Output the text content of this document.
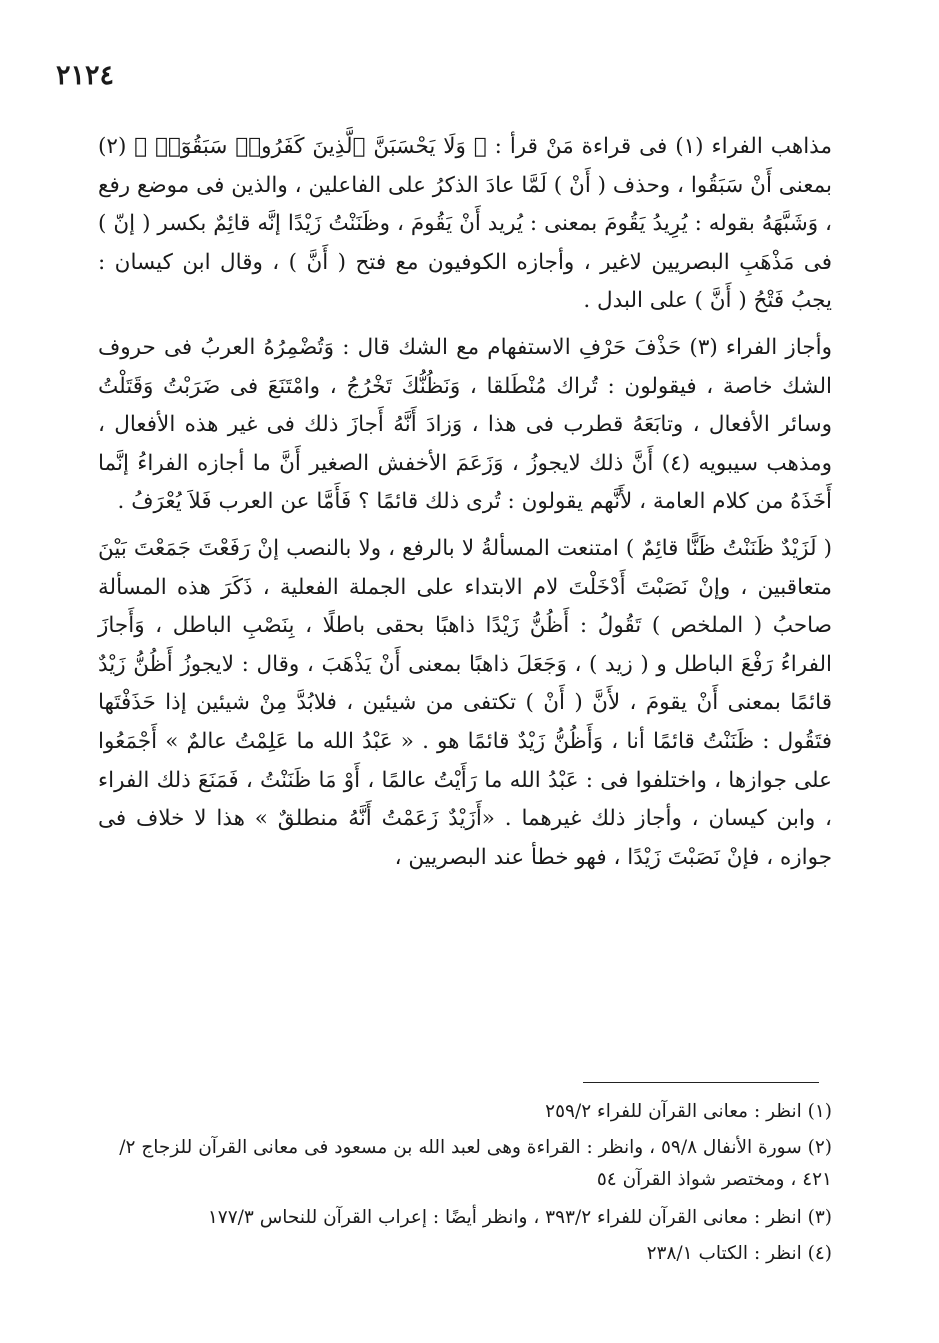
٢١٢٤

مذاهب الفراء (١) فى قراءة مَنْ قرأ : ﴿ وَلَا يَحْسَبَنَّ ٱلَّذِينَ كَفَرُوا۟ سَبَقُوٓا۟ ﴾ (٢) بمعنى أَنْ سَبَقُوا ، وحذف ( أَنْ ) لَمَّا عادَ الذكرُ على الفاعلين ، والذين فى موضع رفع ، وَشَبَّهَهُ بقوله : يُرِيدُ يَقُومَ بمعنى : يُريد أَنْ يَقُومَ ، وظَنَنْتُ زَيْدًا إنَّه قائِمٌ بكسر ( إنّ ) فى مَذْهَبِ البصريين لاغير ، وأجازه الكوفيون مع فتح ( أَنَّ ) ، وقال ابن كيسان : يجبُ فَتْحُ ( أَنَّ ) على البدل .

وأجاز الفراء (٣) حَذْفَ حَرْفِ الاستفهام مع الشك قال : وَتُضْمِرُهُ العربُ فى حروف الشك خاصة ، فيقولون : تُراك مُنْطَلقا ، وَنَظُنُّكَ تَخْرُجُ ، وامْتَنَعَ فى ضَرَبْتُ وَقَتَلْتُ وسائر الأفعال ، وتابَعَهُ قطرب فى هذا ، وَزادَ أَنَّهُ أَجازَ ذلك فى غير هذه الأفعال ، ومذهب سيبويه (٤) أَنَّ ذلك لايجوزُ ، وَزَعَمَ الأخفش الصغير أَنَّ ما أجازه الفراءُ إنَّما أَخَذَهُ من كلام العامة ، لأَنَّهم يقولون : تُرى ذلك قائمًا ؟ فَأَمَّا عن العرب فَلاَ يُعْرَفُ .

( لَزَيْدٌ ظَنَنْتُ ظَنًّا قائِمٌ ) امتنعت المسألةُ لا بالرفع ، ولا بالنصب إنْ رَفَعْتَ جَمَعْتَ بَيْنَ متعاقبين ، وإنْ نَصَبْتَ أَدْخَلْتَ لام الابتداء على الجملة الفعلية ، ذَكَرَ هذه المسألة صاحبُ ( الملخص ) تَقُولُ : أَظُنُّ زَيْدًا ذاهبًا بحقى باطلًا ، بِنَصْبِ الباطل ، وَأَجازَ الفراءُ رَفْعَ الباطل و ( زيد ) ، وَجَعَلَ ذاهبًا بمعنى أَنْ يَذْهَبَ ، وقال : لايجوزُ أَظُنُّ زَيْدٌ قائمًا بمعنى أَنْ يقومَ ، لأَنَّ ( أَنْ ) تكتفى من شيئين ، فلابُدَّ مِنْ شيئين إذا حَذَفْتَها فتَقُول : ظَنَنْتُ قائمًا أنا ، وَأَظُنُّ زَيْدٌ قائمًا هو . « عَبْدُ الله ما عَلِمْتُ عالمٌ » أَجْمَعُوا على جوازها ، واختلفوا فى : عَبْدُ الله ما رَأَيْتُ عالمًا ، أَوْ مَا ظَنَنْتُ ، فَمَنَعَ ذلك الفراء ، وابن كيسان ، وأجاز ذلك غيرهما . «أَزَيْدٌ زَعَمْتُ أَنَّهُ منطلقٌ » هذا لا خلاف فى جوازه ، فإنْ نَصَبْتَ زَيْدًا ، فهو خطأ عند البصريين ،

(١) انظر : معانى القرآن للفراء ٢٥٩/٢

(٢) سورة الأنفال ٥٩/٨ ، وانظر : القراءة وهى لعبد الله بن مسعود فى معانى القرآن للزجاج ٢/ ٤٢١ ، ومختصر شواذ القرآن ٥٤

(٣) انظر : معانى القرآن للفراء ٣٩٣/٢ ، وانظر أيضًا : إعراب القرآن للنحاس ١٧٧/٣

(٤) انظر : الكتاب ٢٣٨/١
